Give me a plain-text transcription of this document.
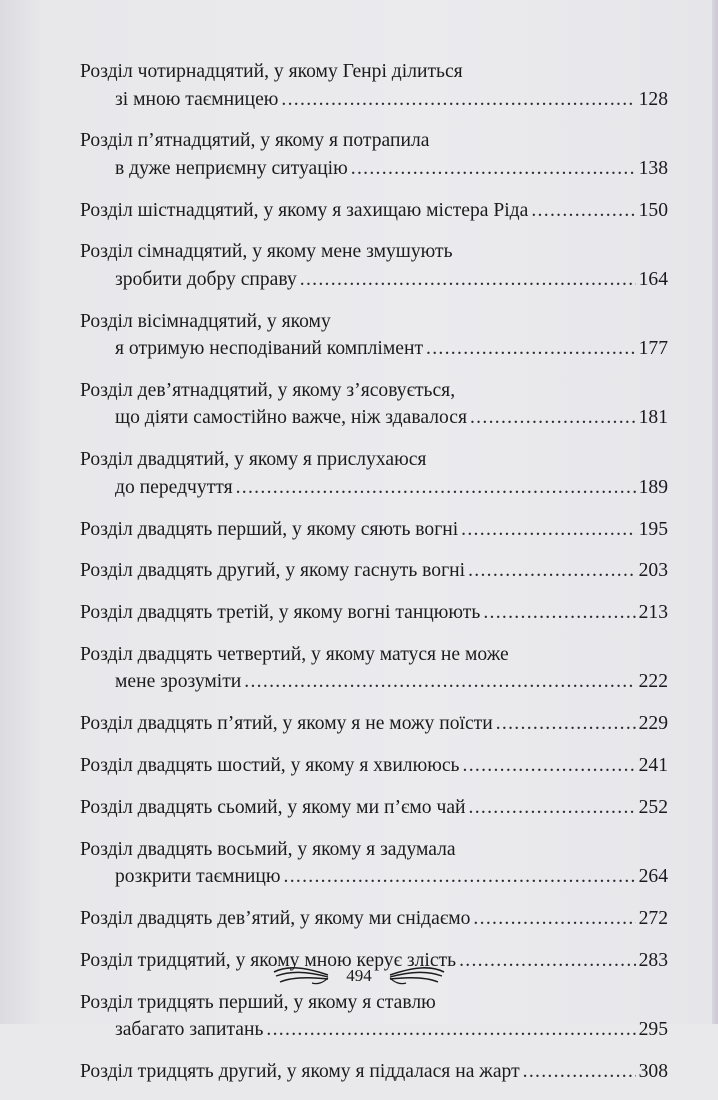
Розділ чотирнадцятий, у якому Генрі ділиться
зі мною таємницею . . .	128
Розділ п’ятнадцятий, у якому я потрапила
в дуже неприємну ситуацію . . .	138
Розділ шістнадцятий, у якому я захищаю містера Ріда . . .	150
Розділ сімнадцятий, у якому мене змушують
зробити добру справу . . .	164
Розділ вісімнадцятий, у якому
я отримую несподіваний комплімент . . .	177
Розділ дев’ятнадцятий, у якому з’ясовується,
що діяти самостійно важче, ніж здавалося . . .	181
Розділ двадцятий, у якому я прислухаюся
до передчуття . . .	189
Розділ двадцять перший, у якому сяють вогні . . .	195
Розділ двадцять другий, у якому гаснуть вогні . . .	203
Розділ двадцять третій, у якому вогні танцюють . . .	213
Розділ двадцять четвертий, у якому матуся не може
мене зрозуміти . . .	222
Розділ двадцять п’ятий, у якому я не можу поїсти . . .	229
Розділ двадцять шостий, у якому я хвилююсь . . .	241
Розділ двадцять сьомий, у якому ми п’ємо чай . . .	252
Розділ двадцять восьмий, у якому я задумала
розкрити таємницю . . .	264
Розділ двадцять дев’ятий, у якому ми снідаємо . . .	272
Розділ тридцятий, у якому мною керує злість . . .	283
Розділ тридцять перший, у якому я ставлю
забагато запитань . . .	295
Розділ тридцять другий, у якому я піддалася на жарт . . .	308
494
